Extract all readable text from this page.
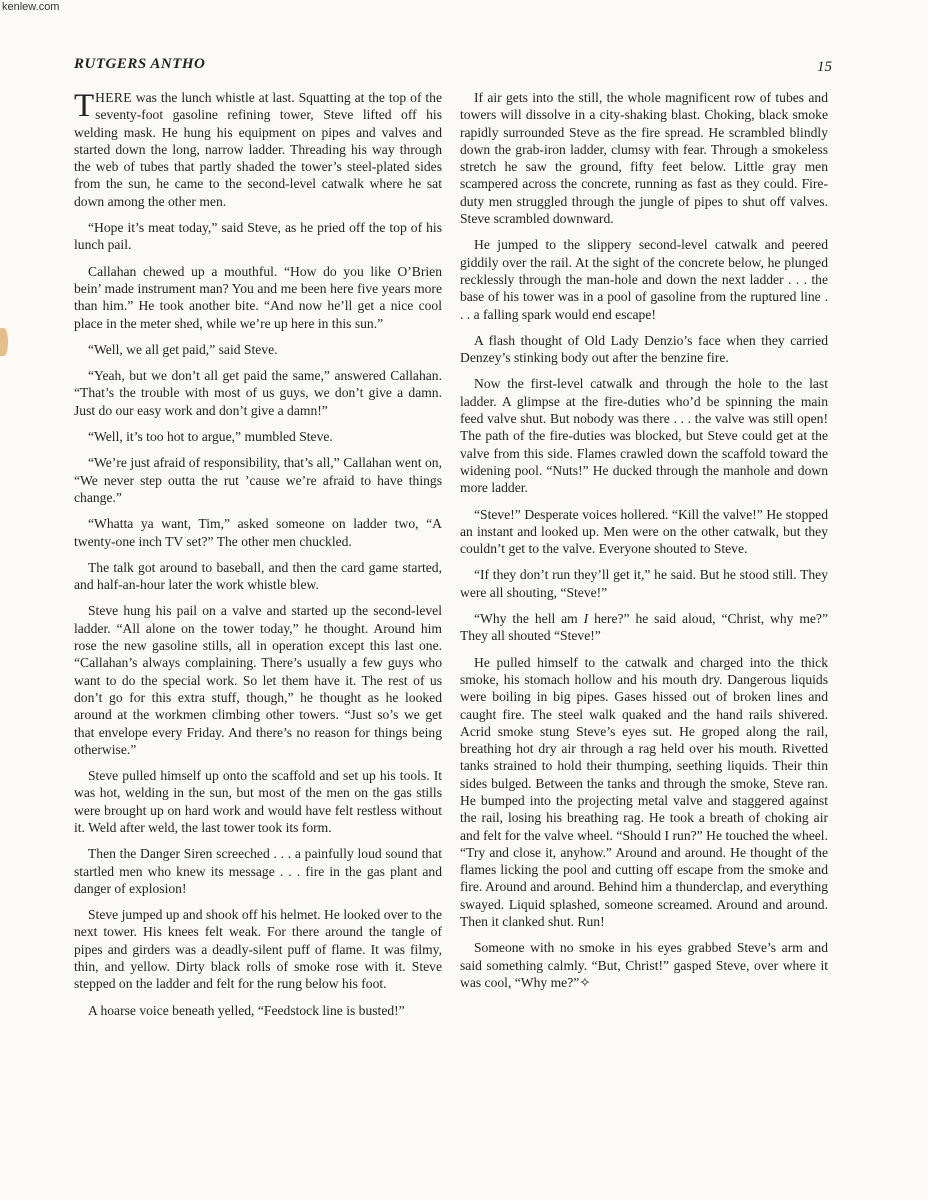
kenlew.com
RUTGERS ANTHO	15

THERE was the lunch whistle at last. Squatting at the top of the seventy-foot gasoline refining tower, Steve lifted off his welding mask. He hung his equipment on pipes and valves and started down the long, narrow ladder. Threading his way through the web of tubes that partly shaded the tower’s steel-plated sides from the sun, he came to the second-level catwalk where he sat down among the other men.

“Hope it’s meat today,” said Steve, as he pried off the top of his lunch pail.

Callahan chewed up a mouthful. “How do you like O’Brien bein’ made instrument man? You and me been here five years more than him.” He took another bite. “And now he’ll get a nice cool place in the meter shed, while we’re up here in this sun.”

“Well, we all get paid,” said Steve.

“Yeah, but we don’t all get paid the same,” answered Callahan. “That’s the trouble with most of us guys, we don’t give a damn. Just do our easy work and don’t give a damn!”

“Well, it’s too hot to argue,” mumbled Steve.

“We’re just afraid of responsibility, that’s all,” Callahan went on, “We never step outta the rut ’cause we’re afraid to have things change.”

“Whatta ya want, Tim,” asked someone on ladder two, “A twenty-one inch TV set?” The other men chuckled.

The talk got around to baseball, and then the card game started, and half-an-hour later the work whistle blew.

Steve hung his pail on a valve and started up the second-level ladder. “All alone on the tower today,” he thought. Around him rose the new gasoline stills, all in operation except this last one. “Callahan’s always complaining. There’s usually a few guys who want to do the special work. So let them have it. The rest of us don’t go for this extra stuff, though,” he thought as he looked around at the workmen climbing other towers. “Just so’s we get that envelope every Friday. And there’s no reason for things being otherwise.”

Steve pulled himself up onto the scaffold and set up his tools. It was hot, welding in the sun, but most of the men on the gas stills were brought up on hard work and would have felt restless without it. Weld after weld, the last tower took its form.

Then the Danger Siren screeched . . . a painfully loud sound that startled men who knew its message . . . fire in the gas plant and danger of explosion!

Steve jumped up and shook off his helmet. He looked over to the next tower. His knees felt weak. For there around the tangle of pipes and girders was a deadly-silent puff of flame. It was filmy, thin, and yellow. Dirty black rolls of smoke rose with it. Steve stepped on the ladder and felt for the rung below his foot.

A hoarse voice beneath yelled, “Feedstock line is busted!”

If air gets into the still, the whole magnificent row of tubes and towers will dissolve in a city-shaking blast. Choking, black smoke rapidly surrounded Steve as the fire spread. He scrambled blindly down the grab-iron ladder, clumsy with fear. Through a smokeless stretch he saw the ground, fifty feet below. Little gray men scampered across the concrete, running as fast as they could. Fire-duty men struggled through the jungle of pipes to shut off valves. Steve scrambled downward.

He jumped to the slippery second-level catwalk and peered giddily over the rail. At the sight of the concrete below, he plunged recklessly through the man-hole and down the next ladder . . . the base of his tower was in a pool of gasoline from the ruptured line . . . a falling spark would end escape!

A flash thought of Old Lady Denzio’s face when they carried Denzey’s stinking body out after the benzine fire.

Now the first-level catwalk and through the hole to the last ladder. A glimpse at the fire-duties who’d be spinning the main feed valve shut. But nobody was there . . . the valve was still open! The path of the fire-duties was blocked, but Steve could get at the valve from this side. Flames crawled down the scaffold toward the widening pool. “Nuts!” He ducked through the manhole and down more ladder.

“Steve!” Desperate voices hollered. “Kill the valve!” He stopped an instant and looked up. Men were on the other catwalk, but they couldn’t get to the valve. Everyone shouted to Steve.

“If they don’t run they’ll get it,” he said. But he stood still. They were all shouting, “Steve!”

“Why the hell am I here?” he said aloud, “Christ, why me?” They all shouted “Steve!”

He pulled himself to the catwalk and charged into the thick smoke, his stomach hollow and his mouth dry. Dangerous liquids were boiling in big pipes. Gases hissed out of broken lines and caught fire. The steel walk quaked and the hand rails shivered. Acrid smoke stung Steve’s eyes sut. He groped along the rail, breathing hot dry air through a rag held over his mouth. Rivetted tanks strained to hold their thumping, seething liquids. Their thin sides bulged. Between the tanks and through the smoke, Steve ran. He bumped into the projecting metal valve and staggered against the rail, losing his breathing rag. He took a breath of choking air and felt for the valve wheel. “Should I run?” He touched the wheel. “Try and close it, anyhow.” Around and around. He thought of the flames licking the pool and cutting off escape from the smoke and fire. Around and around. Behind him a thunderclap, and everything swayed. Liquid splashed, someone screamed. Around and around. Then it clanked shut. Run!

Someone with no smoke in his eyes grabbed Steve’s arm and said something calmly. “But, Christ!” gasped Steve, over where it was cool, “Why me?”✧
